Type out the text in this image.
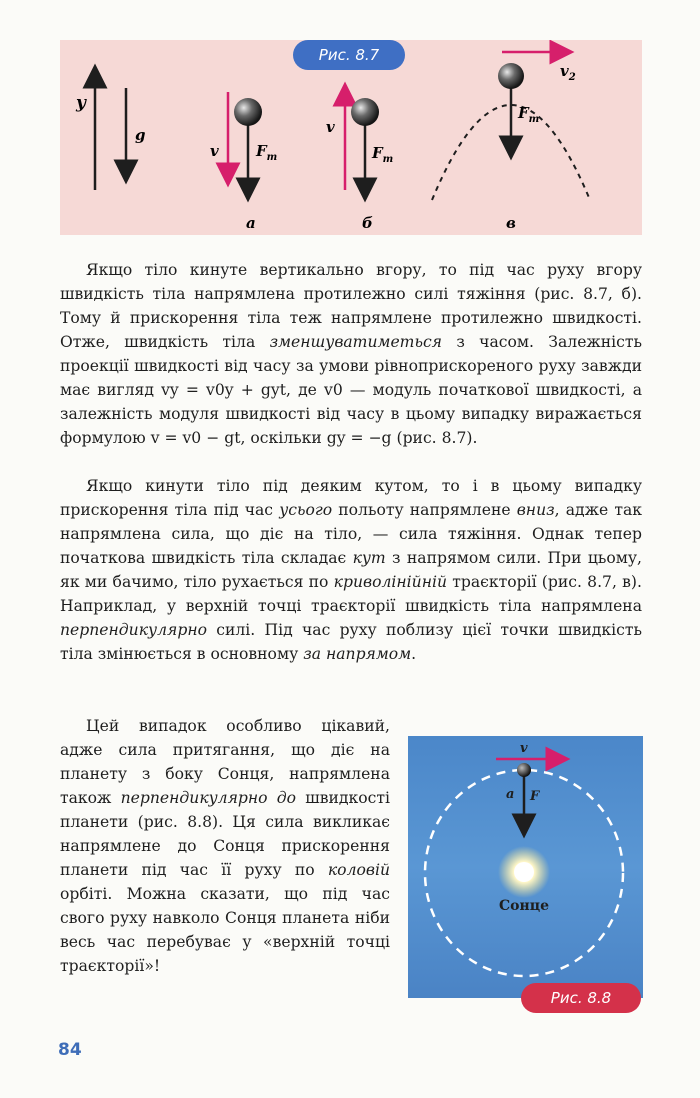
y
g
v $F_т$
v
$F_т$
$v_2$
$F_т$
а	б	в
Рис. 8.7

Якщо тіло кинуте вертикально вгору, то під час руху вгору швидкість тіла напрямлена протилежно силі тяжіння (рис. 8.7, б). Тому й прискорення тіла теж напрямлене протилежно швидкості. Отже, швидкість тіла зменшуватиметься з часом. Залежність проекції швидкості від часу за умови рівноприскореного руху завжди має вигляд vy = v0y + gyt, де v0 — модуль початкової швидкості, а залежність модуля швидкості від часу в цьому випадку виражається формулою v = v0 − gt, оскільки gy = −g (рис. 8.7).

Якщо кинути тіло під деяким кутом, то і в цьому випадку прискорення тіла під час усього польоту напрямлене вниз, адже так напрямлена сила, що діє на тіло, — сила тяжіння. Однак тепер початкова швидкість тіла складає кут з напрямом сили. При цьому, як ми бачимо, тіло рухається по криволінійній траєкторії (рис. 8.7, в). Наприклад, у верхній точці траєкторії швидкість тіла напрямлена перпендикулярно силі. Під час руху поблизу цієї точки швидкість тіла змінюється в основному за напрямом.

Цей випадок особливо цікавий, адже сила притягання, що діє на планету з боку Сонця, напрямлена також перпендикулярно до швидкості планети (рис. 8.8). Ця сила викликає напрямлене до Сонця прискорення планети під час її руху по коловій орбіті. Можна сказати, що під час свого руху навколо Сонця планета ніби весь час перебуває у «верхній точці траєкторії»!

Сонце
v
a F
Рис. 8.8
84
